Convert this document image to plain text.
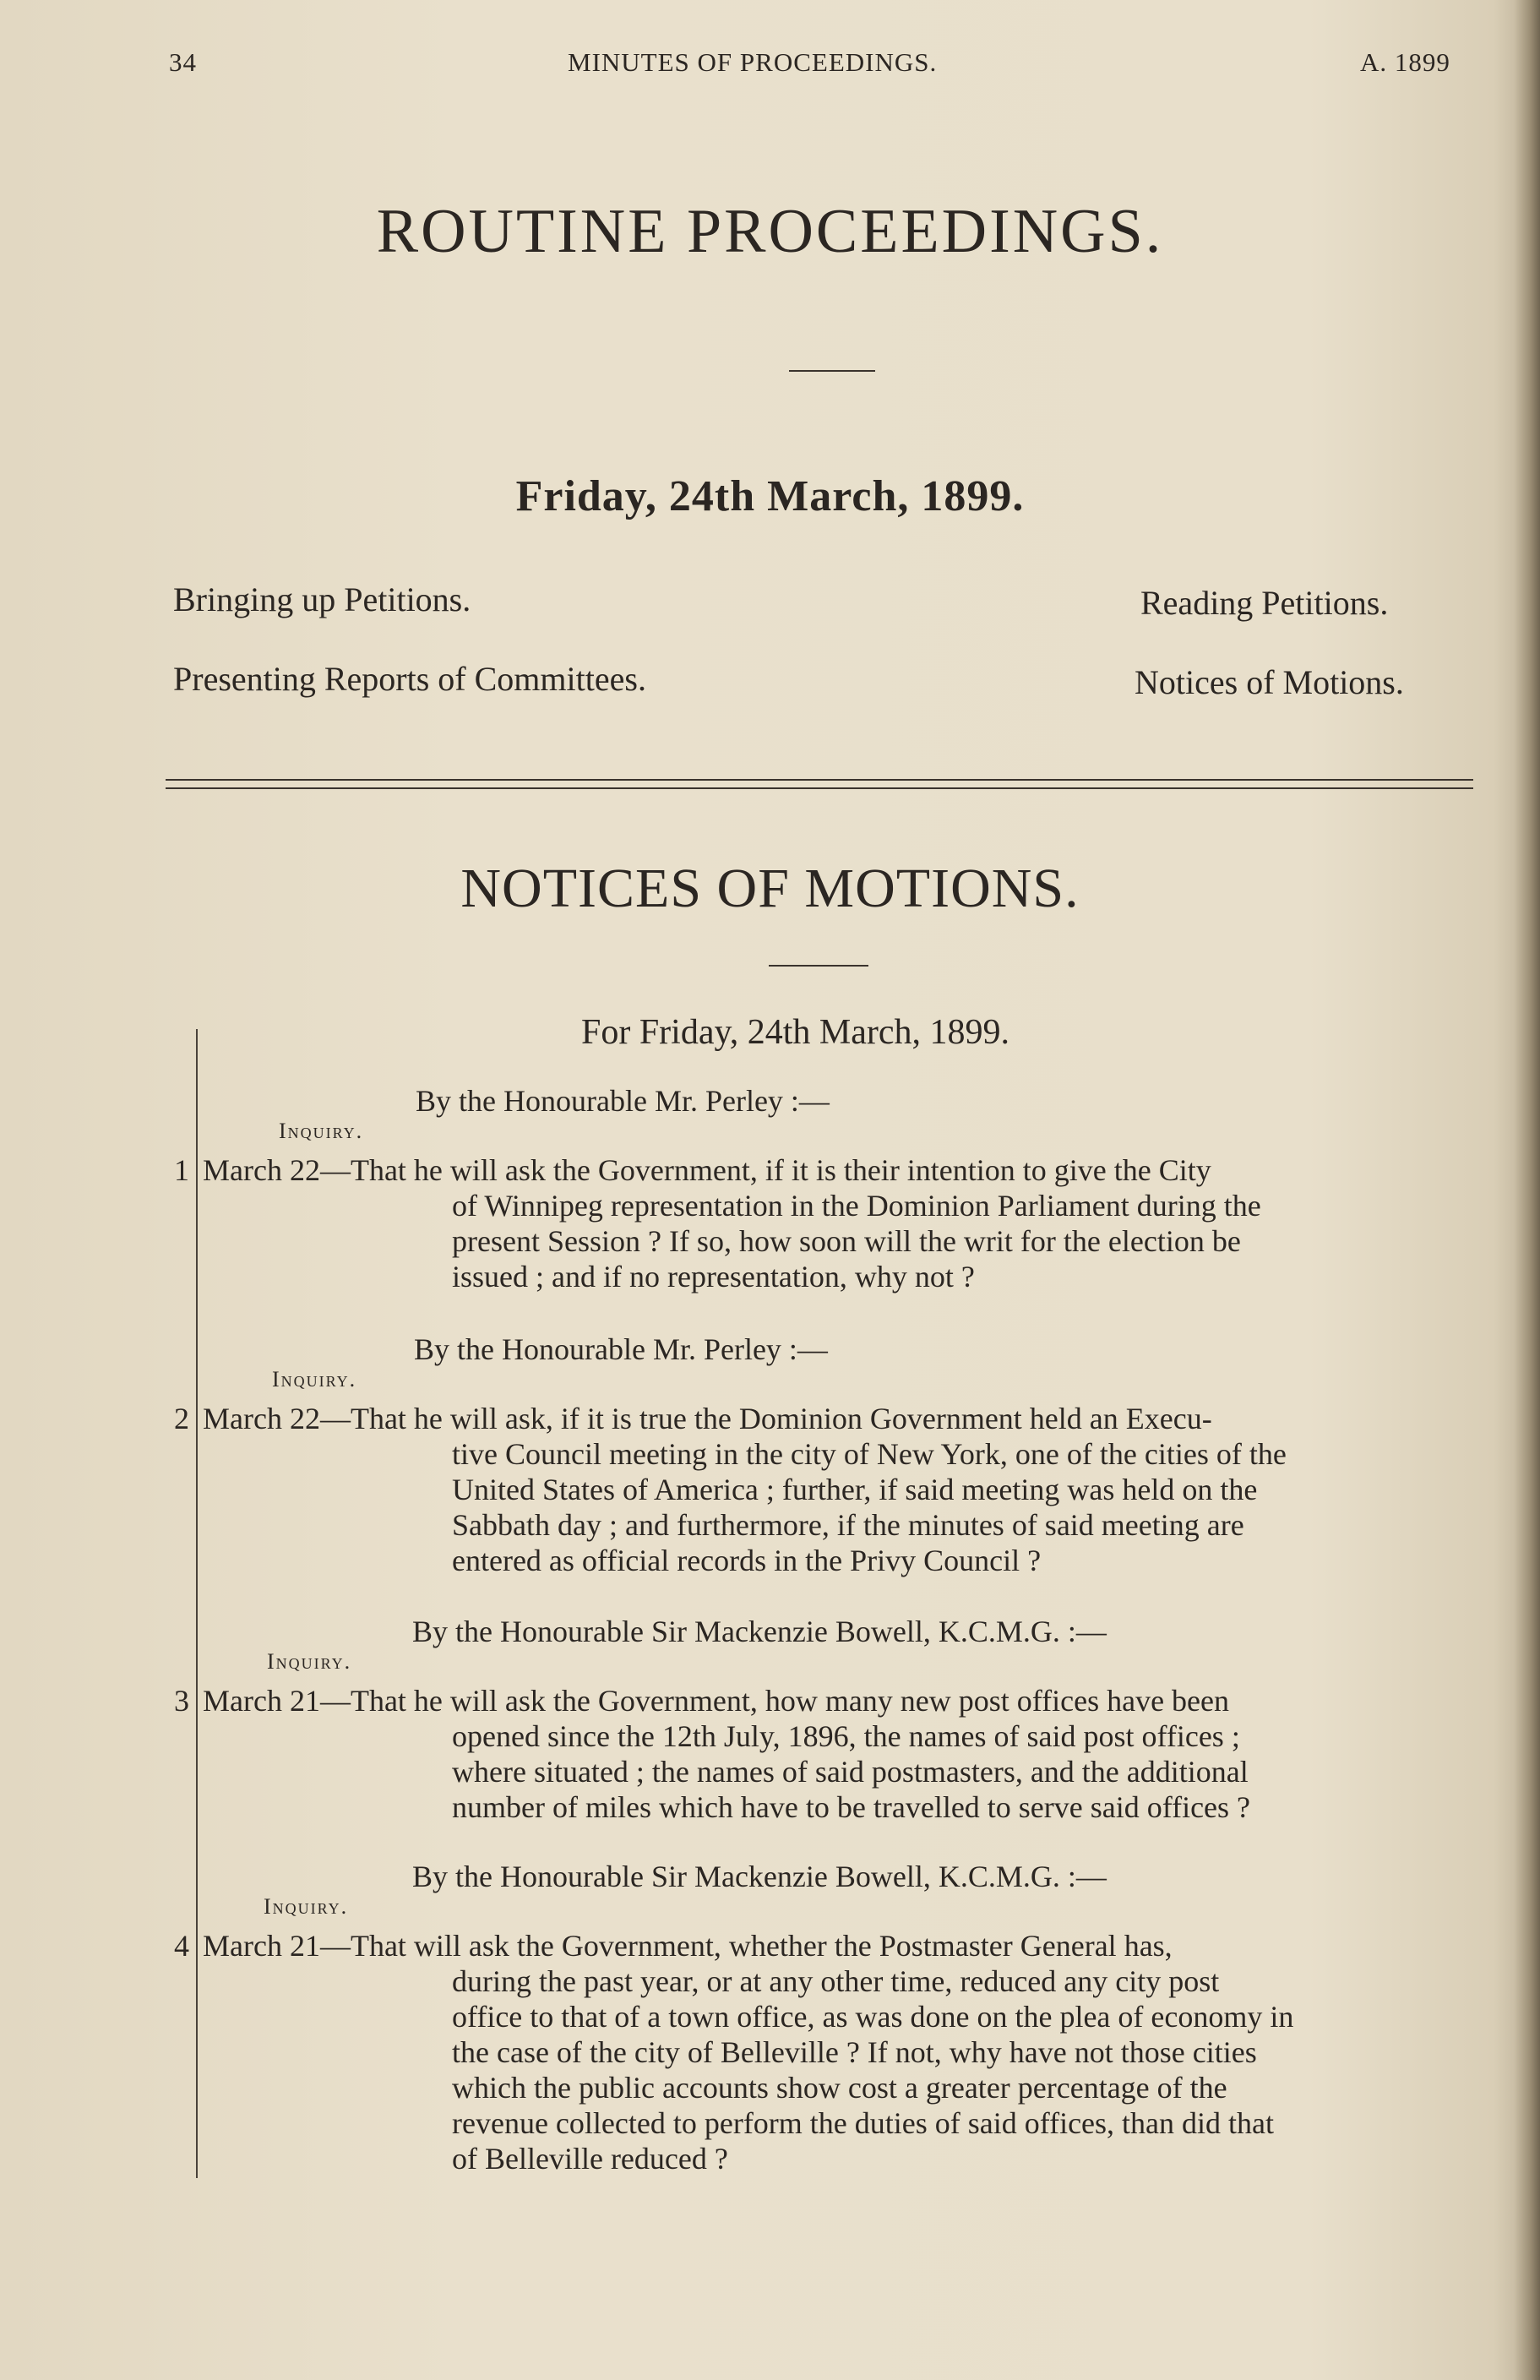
34	MINUTES OF PROCEEDINGS.	A. 1899
ROUTINE PROCEEDINGS.
Friday, 24th March, 1899.
Bringing up Petitions.	Reading Petitions.
Presenting Reports of Committees.	Notices of Motions.
NOTICES OF MOTIONS.
For Friday, 24th March, 1899.
By the Honourable Mr. Perley :—
Inquiry.
1 March 22—That he will ask the Government, if it is their intention to give the City
of Winnipeg representation in the Dominion Parliament during the
present Session ? If so, how soon will the writ for the election be
issued ; and if no representation, why not ?
By the Honourable Mr. Perley :—
Inquiry.
2 March 22—That he will ask, if it is true the Dominion Government held an Execu-
tive Council meeting in the city of New York, one of the cities of the
United States of America ; further, if said meeting was held on the
Sabbath day ; and furthermore, if the minutes of said meeting are
entered as official records in the Privy Council ?
By the Honourable Sir Mackenzie Bowell, K.C.M.G. :—
Inquiry.
3 March 21—That he will ask the Government, how many new post offices have been
opened since the 12th July, 1896, the names of said post offices ;
where situated ; the names of said postmasters, and the additional
number of miles which have to be travelled to serve said offices ?
By the Honourable Sir Mackenzie Bowell, K.C.M.G. :—
Inquiry.
4 March 21—That will ask the Government, whether the Postmaster General has,
during the past year, or at any other time, reduced any city post
office to that of a town office, as was done on the plea of economy in
the case of the city of Belleville ? If not, why have not those cities
which the public accounts show cost a greater percentage of the
revenue collected to perform the duties of said offices, than did that
of Belleville reduced ?
